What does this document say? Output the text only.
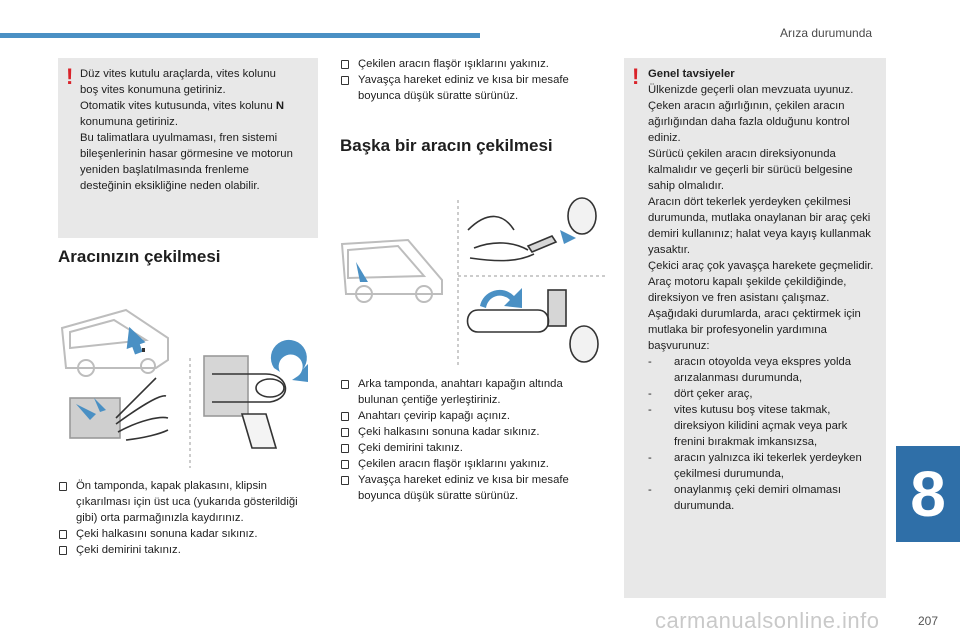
Arıza durumunda
8
207
carmanualsonline.info
! Düz vites kutulu araçlarda, vites kolunu

boş vites konumuna getiriniz.

Otomatik vites kutusunda, vites kolunu N

konumuna getiriniz.

Bu talimatlara uyulmaması, fren sistemi

bileşenlerinin hasar görmesine ve motorun

yeniden başlatılmasında frenleme

desteğinin eksikliğine neden olabilir.

Aracınızın çekilmesi
Ön tamponda, kapak plakasını, klipsin çıkarılması için üst uca (yukarıda gösterildiği gibi) orta parmağınızla kaydırınız.
Çeki halkasını sonuna kadar sıkınız.
Çeki demirini takınız.
Çekilen aracın flaşör ışıklarını yakınız.
Yavaşça hareket ediniz ve kısa bir mesafe boyunca düşük süratte sürünüz.
Başka bir aracın çekilmesi
Arka tamponda, anahtarı kapağın altında bulunan çentiğe yerleştiriniz.
Anahtarı çevirip kapağı açınız.
Çeki halkasını sonuna kadar sıkınız.
Çeki demirini takınız.
Çekilen aracın flaşör ışıklarını yakınız.
Yavaşça hareket ediniz ve kısa bir mesafe boyunca düşük süratte sürünüz.
! Genel tavsiyeler

Ülkenizde geçerli olan mevzuata uyunuz.

Çeken aracın ağırlığının, çekilen aracın ağırlığından daha fazla olduğunu kontrol ediniz.

Sürücü çekilen aracın direksiyonunda kalmalıdır ve geçerli bir sürücü belgesine sahip olmalıdır.

Aracın dört tekerlek yerdeyken çekilmesi durumunda, mutlaka onaylanan bir araç çeki demiri kullanınız; halat veya kayış kullanmak yasaktır.

Çekici araç çok yavaşça harekete geçmelidir.

Araç motoru kapalı şekilde çekildiğinde, direksiyon ve fren asistanı çalışmaz.

Aşağıdaki durumlarda, aracı çektirmek için mutlaka bir profesyonelin yardımına başvurunuz:

- aracın otoyolda veya ekspres yolda arızalanması durumunda,
- dört çeker araç,
- vites kutusu boş vitese takmak, direksiyon kilidini açmak veya park frenini bırakmak imkansızsa,
- aracın yalnızca iki tekerlek yerdeyken çekilmesi durumunda,
- onaylanmış çeki demiri olmaması durumunda.
